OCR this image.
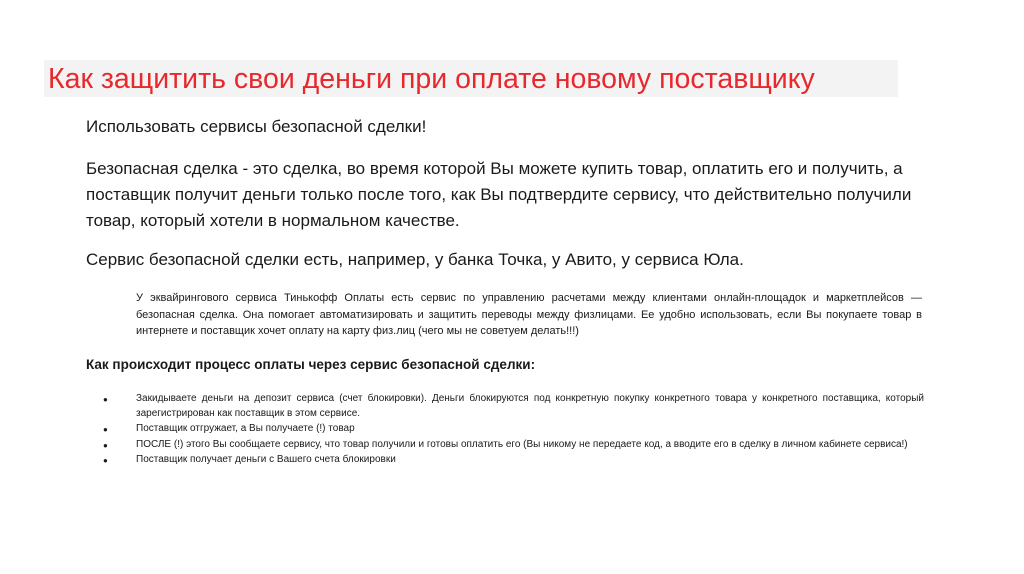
Как защитить свои деньги при оплате новому поставщику

Использовать сервисы безопасной сделки!

Безопасная сделка - это сделка, во время которой Вы можете купить товар, оплатить его и получить, а поставщик получит деньги только после того, как Вы подтвердите сервису, что действительно получили товар, который хотели в нормальном качестве.

Сервис безопасной сделки есть, например, у банка Точка, у Авито, у сервиса Юла.

У эквайрингового сервиса Тинькофф Оплаты есть сервис по управлению расчетами между клиентами онлайн-площадок и маркетплейсов — безопасная сделка. Она помогает автоматизировать и защитить переводы между физлицами. Ее удобно использовать, если Вы покупаете товар в интернете и поставщик хочет оплату на карту физ.лиц (чего мы не советуем делать!!!)

Как происходит процесс оплаты через сервис безопасной сделки:

●	Закидываете деньги на депозит сервиса (счет блокировки). Деньги блокируются под конкретную покупку конкретного товара у конкретного поставщика, который зарегистрирован как поставщик в этом сервисе.
●	Поставщик отгружает, а Вы получаете (!) товар
●	ПОСЛЕ (!) этого Вы сообщаете сервису, что товар получили и готовы оплатить его (Вы никому не передаете код, а вводите его в сделку в личном кабинете сервиса!)
●	Поставщик получает деньги с Вашего счета блокировки
